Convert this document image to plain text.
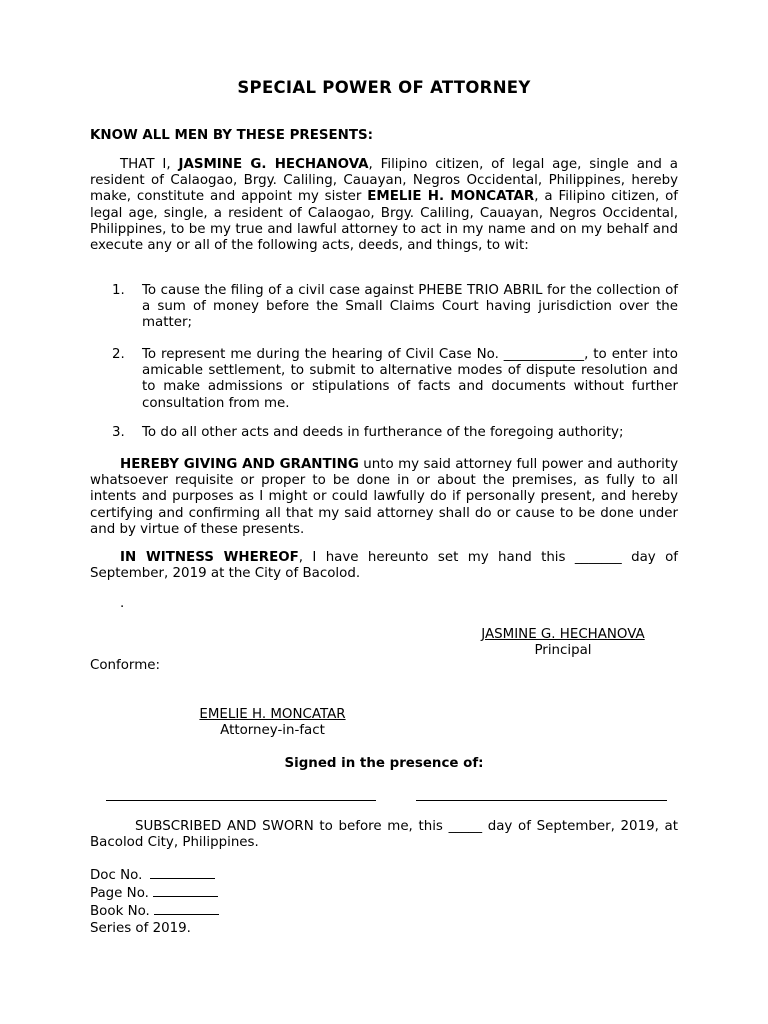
SPECIAL POWER OF ATTORNEY
KNOW ALL MEN BY THESE PRESENTS:
THAT I, JASMINE G. HECHANOVA, Filipino citizen, of legal age, single and a resident of Calaogao, Brgy. Caliling, Cauayan, Negros Occidental, Philippines, hereby make, constitute and appoint my sister EMELIE H. MONCATAR, a Filipino citizen, of legal age, single, a resident of Calaogao, Brgy. Caliling, Cauayan, Negros Occidental, Philippines, to be my true and lawful attorney to act in my name and on my behalf and execute any or all of the following acts, deeds, and things, to wit:
1.	To cause the filing of a civil case against PHEBE TRIO ABRIL for the collection of a sum of money before the Small Claims Court having jurisdiction over the matter;
2.	To represent me during the hearing of Civil Case No. ____________, to enter into amicable settlement, to submit to alternative modes of dispute resolution and to make admissions or stipulations of facts and documents without further consultation from me.
3.	To do all other acts and deeds in furtherance of the foregoing authority;
HEREBY GIVING AND GRANTING unto my said attorney full power and authority whatsoever requisite or proper to be done in or about the premises, as fully to all intents and purposes as I might or could lawfully do if personally present, and hereby certifying and confirming all that my said attorney shall do or cause to be done under and by virtue of these presents.
IN WITNESS WHEREOF, I have hereunto set my hand this _______ day of September, 2019 at the City of Bacolod.
.
JASMINE G. HECHANOVA
Principal
Conforme:
EMELIE H. MONCATAR
Attorney-in-fact
Signed in the presence of:
SUBSCRIBED AND SWORN to before me, this _____ day of September, 2019, at Bacolod City, Philippines.
Doc No.
Page No.
Book No.
Series of 2019.
